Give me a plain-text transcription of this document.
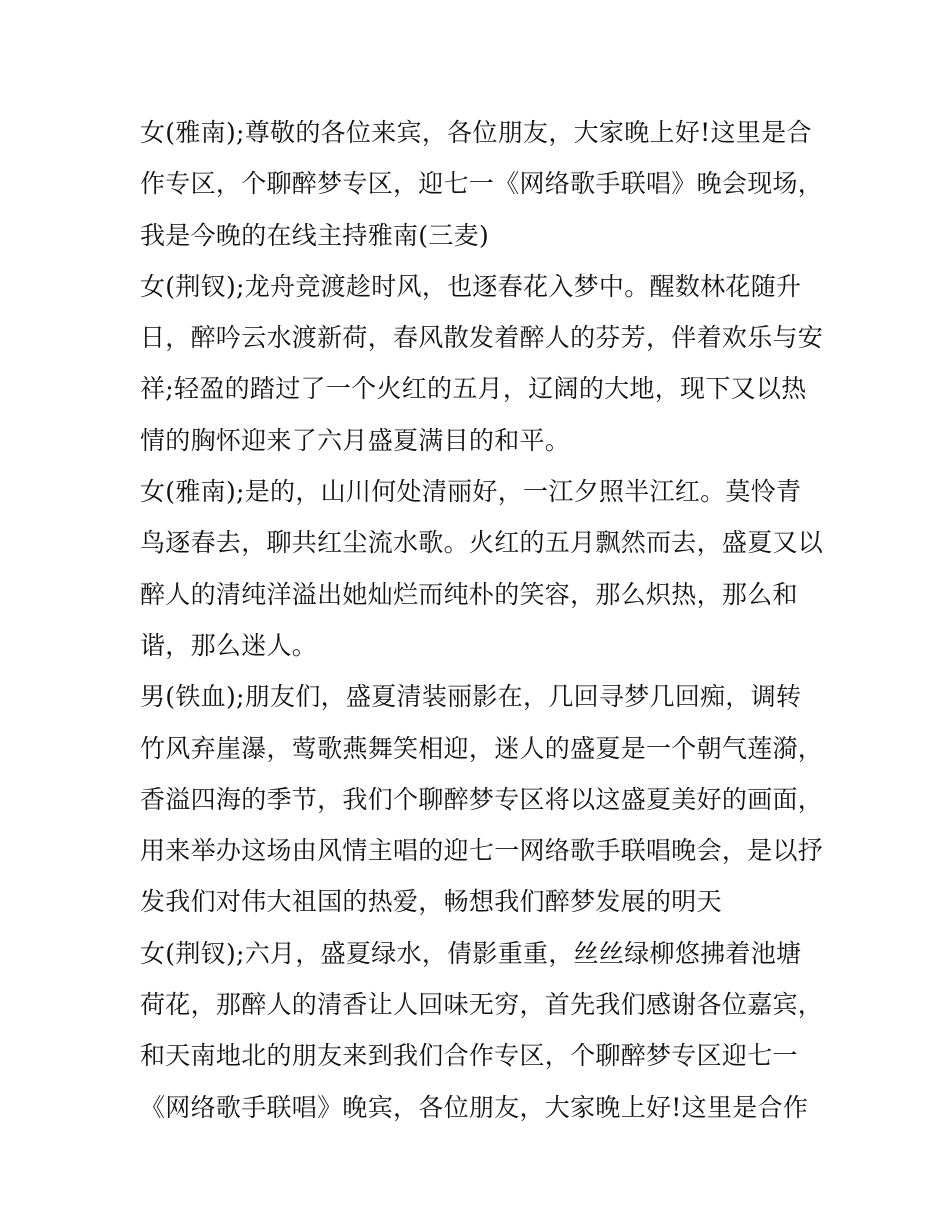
女(雅南);尊敬的各位来宾，各位朋友，大家晚上好!这里是合
作专区，个聊醉梦专区，迎七一《网络歌手联唱》晚会现场，
我是今晚的在线主持雅南(三麦)
女(荆钗);龙舟竞渡趁时风，也逐春花入梦中。醒数林花随升
日，醉吟云水渡新荷，春风散发着醉人的芬芳，伴着欢乐与安
祥;轻盈的踏过了一个火红的五月，辽阔的大地，现下又以热
情的胸怀迎来了六月盛夏满目的和平。
女(雅南);是的，山川何处清丽好，一江夕照半江红。莫怜青
鸟逐春去，聊共红尘流水歌。火红的五月飘然而去，盛夏又以
醉人的清纯洋溢出她灿烂而纯朴的笑容，那么炽热，那么和
谐，那么迷人。
男(铁血);朋友们，盛夏清装丽影在，几回寻梦几回痴，调转
竹风弃崖瀑，莺歌燕舞笑相迎，迷人的盛夏是一个朝气莲漪，
香溢四海的季节，我们个聊醉梦专区将以这盛夏美好的画面，
用来举办这场由风情主唱的迎七一网络歌手联唱晚会，是以抒
发我们对伟大祖国的热爱，畅想我们醉梦发展的明天
女(荆钗);六月，盛夏绿水，倩影重重，丝丝绿柳悠拂着池塘
荷花，那醉人的清香让人回味无穷，首先我们感谢各位嘉宾，
和天南地北的朋友来到我们合作专区，个聊醉梦专区迎七一
《网络歌手联唱》晚宾，各位朋友，大家晚上好!这里是合作
